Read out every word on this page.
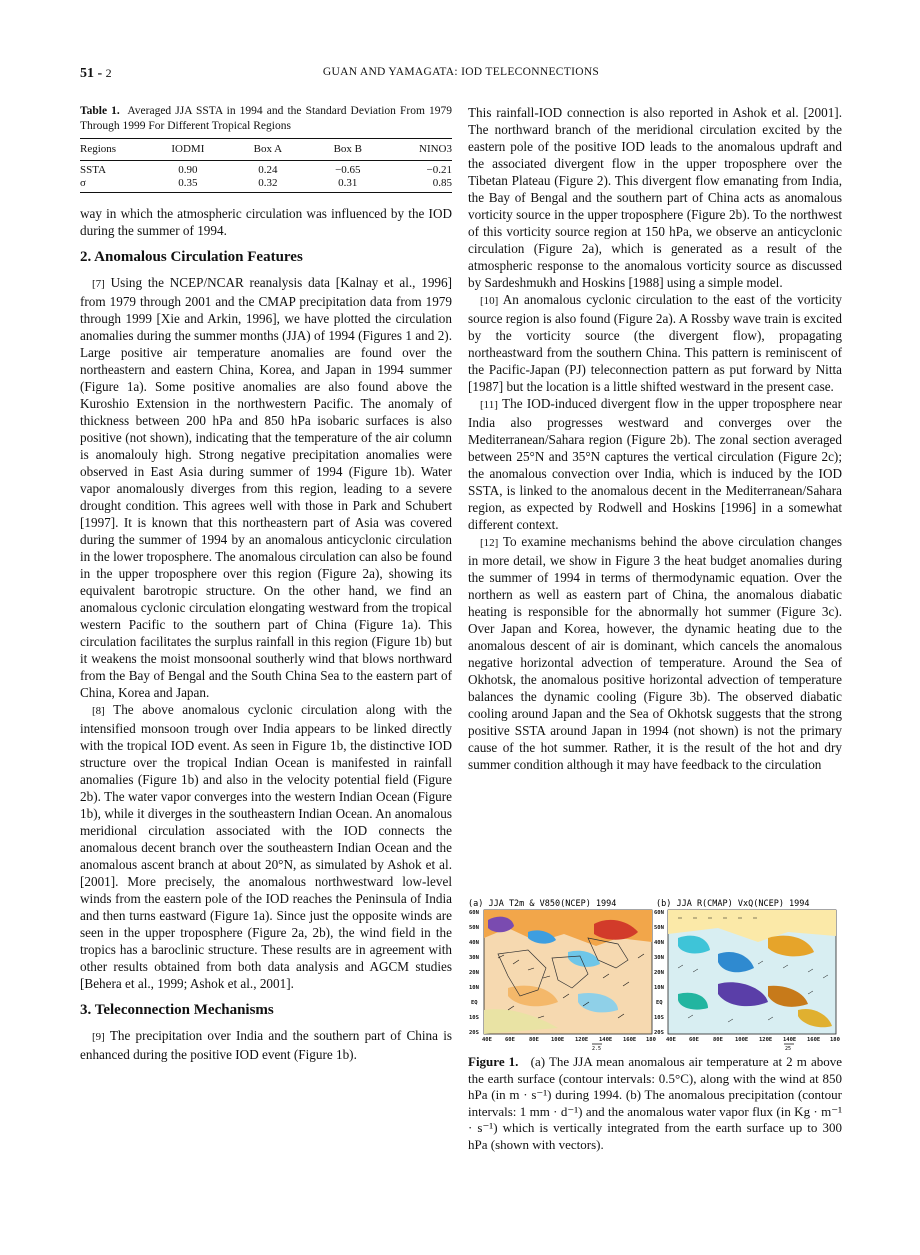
51 - 2	GUAN AND YAMAGATA: IOD TELECONNECTIONS
Table 1. Averaged JJA SSTA in 1994 and the Standard Deviation From 1979 Through 1999 For Different Tropical Regions
Regions	IODMI	Box A	Box B	NINO3
SSTA	0.90	0.24	−0.65	−0.21
σ	0.35	0.32	0.31	0.85

way in which the atmospheric circulation was influenced by the IOD during the summer of 1994.

2. Anomalous Circulation Features

[7] Using the NCEP/NCAR reanalysis data [Kalnay et al., 1996] from 1979 through 2001 and the CMAP precipitation data from 1979 through 1999 [Xie and Arkin, 1996], we have plotted the circulation anomalies during the summer months (JJA) of 1994 (Figures 1 and 2). Large positive air temperature anomalies are found over the northeastern and eastern China, Korea, and Japan in 1994 summer (Figure 1a). Some positive anomalies are also found above the Kuroshio Extension in the northwestern Pacific. The anomaly of thickness between 200 hPa and 850 hPa isobaric surfaces is also positive (not shown), indicating that the temperature of the air column is anomalouly high. Strong negative precipitation anomalies were observed in East Asia during summer of 1994 (Figure 1b). Water vapor anomalously diverges from this region, leading to a severe drought condition. This agrees well with those in Park and Schubert [1997]. It is known that this northeastern part of Asia was covered during the summer of 1994 by an anomalous anticyclonic circulation in the lower troposphere. The anomalous circulation can also be found in the upper troposphere over this region (Figure 2a), showing its equivalent barotropic structure. On the other hand, we find an anomalous cyclonic circulation elongating westward from the tropical western Pacific to the southern part of China (Figure 1a). This circulation facilitates the surplus rainfall in this region (Figure 1b) but it weakens the moist monsoonal southerly wind that blows northward from the Bay of Bengal and the South China Sea to the eastern part of China, Korea and Japan.

[8] The above anomalous cyclonic circulation along with the intensified monsoon trough over India appears to be linked directly with the tropical IOD event. As seen in Figure 1b, the distinctive IOD structure over the tropical Indian Ocean is manifested in rainfall anomalies (Figure 1b) and also in the velocity potential field (Figure 2b). The water vapor converges into the western Indian Ocean (Figure 1b), while it diverges in the southeastern Indian Ocean. An anomalous meridional circulation associated with the IOD connects the anomalous decent branch over the southeastern Indian Ocean and the anomalous ascent branch at about 20°N, as simulated by Ashok et al. [2001]. More precisely, the anomalous northwestward low-level winds from the eastern pole of the IOD reaches the Peninsula of India and then turns eastward (Figure 1a). Since just the opposite winds are seen in the upper troposphere (Figure 2a, 2b), the wind field in the tropics has a baroclinic structure. These results are in agreement with other results obtained from both data analysis and AGCM studies [Behera et al., 1999; Ashok et al., 2001].

3. Teleconnection Mechanisms

[9] The precipitation over India and the southern part of China is enhanced during the positive IOD event (Figure 1b).

This rainfall-IOD connection is also reported in Ashok et al. [2001]. The northward branch of the meridional circulation excited by the eastern pole of the positive IOD leads to the anomalous updraft and the associated divergent flow in the upper troposphere over the Tibetan Plateau (Figure 2). This divergent flow emanating from India, the Bay of Bengal and the southern part of China acts as anomalous vorticity source in the upper troposphere (Figure 2b). To the northwest of this vorticity source region at 150 hPa, we observe an anticyclonic circulation (Figure 2a), which is generated as a result of the atmospheric response to the anomalous vorticity source as discussed by Sardeshmukh and Hoskins [1988] using a simple model.

[10] An anomalous cyclonic circulation to the east of the vorticity source region is also found (Figure 2a). A Rossby wave train is excited by the vorticity source (the divergent flow), propagating northeastward from the southern China. This pattern is reminiscent of the Pacific-Japan (PJ) teleconnection pattern as put forward by Nitta [1987] but the location is a little shifted westward in the present case.

[11] The IOD-induced divergent flow in the upper troposphere near India also progresses westward and converges over the Mediterranean/Sahara region (Figure 2b). The zonal section averaged between 25°N and 35°N captures the vertical circulation (Figure 2c); the anomalous convection over India, which is induced by the IOD SSTA, is linked to the anomalous decent in the Mediterranean/Sahara region, as expected by Rodwell and Hoskins [1996] in a somewhat different context.

[12] To examine mechanisms behind the above circulation changes in more detail, we show in Figure 3 the heat budget anomalies during the summer of 1994 in terms of thermodynamic equation. Over the northern as well as eastern part of China, the anomalous diabatic heating is responsible for the abnormally hot summer (Figure 3c). Over Japan and Korea, however, the dynamic heating due to the anomalous descent of air is dominant, which cancels the anomalous negative horizontal advection of temperature. Around the Sea of Okhotsk, the anomalous positive horizontal advection of temperature balances the dynamic cooling (Figure 3b). The observed diabatic cooling around Japan and the Sea of Okhotsk suggests that the strong positive SSTA around Japan in 1994 (not shown) is not the primary cause of the hot summer. Rather, it is the result of the hot and dry summer condition although it may have feedback to the circulation

(a) JJA T2m & V850(NCEP) 1994	(b) JJA R(CMAP) VxQ(NCEP) 1994
60N
50N
40N
30N
20N
10N
EQ
10S
20S
60N
50N
40N
30N
20N
10N
EQ
10S
20S
40E 60E	80E 100E 120E 140E 160E 180 40E 60E	80E 100E 120E 140E 160E 180
2.5	25
Figure 1. (a) The JJA mean anomalous air temperature at 2 m above the earth surface (contour intervals: 0.5°C), along with the wind at 850 hPa (in m · s⁻¹) during 1994. (b) The anomalous precipitation (contour intervals: 1 mm · d⁻¹) and the anomalous water vapor flux (in Kg · m⁻¹ · s⁻¹) which is vertically integrated from the earth surface up to 300 hPa (shown with vectors).
